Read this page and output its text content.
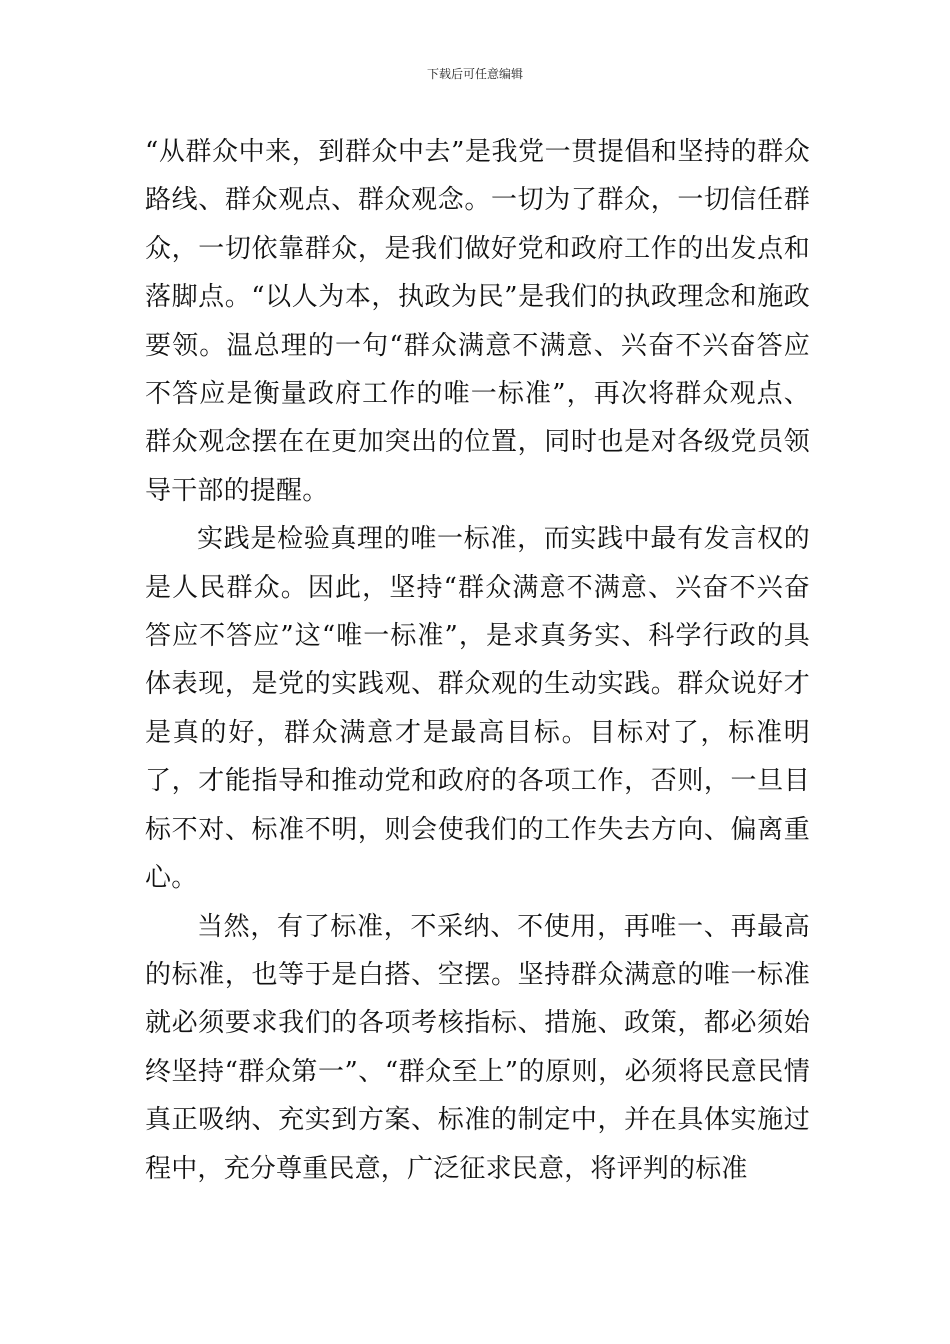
下载后可任意编辑

“从群众中来，到群众中去”是我党一贯提倡和坚持的群众路线、群众观点、群众观念。一切为了群众，一切信任群众，一切依靠群众，是我们做好党和政府工作的出发点和落脚点。“以人为本，执政为民”是我们的执政理念和施政要领。温总理的一句“群众满意不满意、兴奋不兴奋答应不答应是衡量政府工作的唯一标准”，再次将群众观点、群众观念摆在在更加突出的位置，同时也是对各级党员领导干部的提醒。

实践是检验真理的唯一标准，而实践中最有发言权的是人民群众。因此，坚持“群众满意不满意、兴奋不兴奋答应不答应”这“唯一标准”，是求真务实、科学行政的具体表现，是党的实践观、群众观的生动实践。群众说好才是真的好，群众满意才是最高目标。目标对了，标准明了，才能指导和推动党和政府的各项工作，否则，一旦目标不对、标准不明，则会使我们的工作失去方向、偏离重心。

当然，有了标准，不采纳、不使用，再唯一、再最高的标准，也等于是白搭、空摆。坚持群众满意的唯一标准就必须要求我们的各项考核指标、措施、政策，都必须始终坚持“群众第一”、“群众至上”的原则，必须将民意民情真正吸纳、充实到方案、标准的制定中，并在具体实施过程中，充分尊重民意，广泛征求民意，将评判的标准
